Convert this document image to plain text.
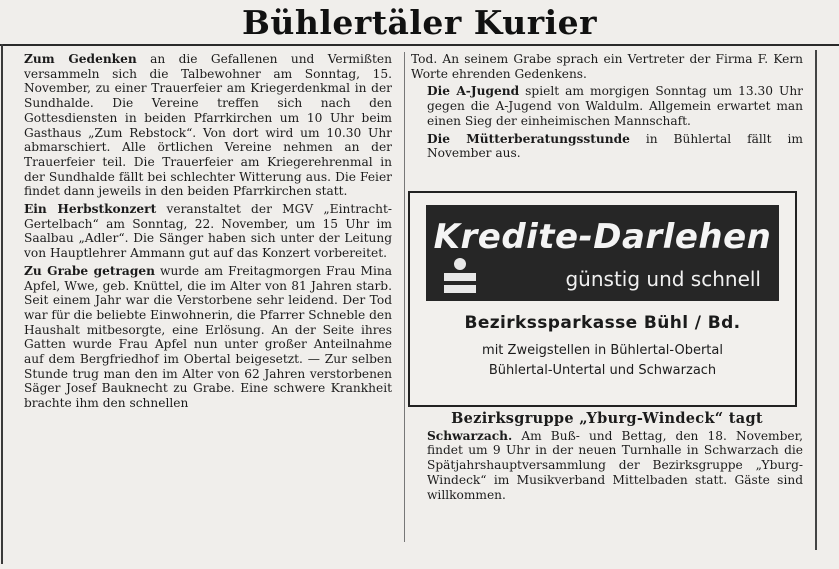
Bühlertäler Kurier

Zum Gedenken an die Gefallenen und Vermißten versammeln sich die Talbewohner am Sonntag, 15. November, zu einer Trauerfeier am Kriegerdenkmal in der Sundhalde. Die Vereine treffen sich nach den Gottesdiensten in beiden Pfarrkirchen um 10 Uhr beim Gasthaus „Zum Rebstock“. Von dort wird um 10.30 Uhr abmarschiert. Alle örtlichen Vereine nehmen an der Trauerfeier teil. Die Trauerfeier am Kriegerehrenmal in der Sundhalde fällt bei schlechter Witterung aus. Die Feier findet dann jeweils in den beiden Pfarrkirchen statt.

Ein Herbstkonzert veranstaltet der MGV „Eintracht-Gertelbach“ am Sonntag, 22. November, um 15 Uhr im Saalbau „Adler“. Die Sänger haben sich unter der Leitung von Hauptlehrer Ammann gut auf das Konzert vorbereitet.

Zu Grabe getragen wurde am Freitagmorgen Frau Mina Apfel, Wwe, geb. Knüttel, die im Alter von 81 Jahren starb. Seit einem Jahr war die Verstorbene sehr leidend. Der Tod war für die beliebte Einwohnerin, die Pfarrer Schneble den Haushalt mitbesorgte, eine Erlösung. An der Seite ihres Gatten wurde Frau Apfel nun unter großer Anteilnahme auf dem Bergfriedhof im Obertal beigesetzt. — Zur selben Stunde trug man den im Alter von 62 Jahren verstorbenen Säger Josef Bauknecht zu Grabe. Eine schwere Krankheit brachte ihm den schnellen

Tod. An seinem Grabe sprach ein Vertreter der Firma F. Kern Worte ehrenden Gedenkens.

Die A-Jugend spielt am morgigen Sonntag um 13.30 Uhr gegen die A-Jugend von Waldulm. Allgemein erwartet man einen Sieg der einheimischen Mannschaft.

Die Mütterberatungsstunde in Bühlertal fällt im November aus.

Kredite-Darlehen
günstig und schnell
Bezirkssparkasse Bühl / Bd.
mit Zweigstellen in Bühlertal-Obertal
Bühlertal-Untertal und Schwarzach
Bezirksgruppe „Yburg-Windeck“ tagt

Schwarzach. Am Buß- und Bettag, den 18. November, findet um 9 Uhr in der neuen Turnhalle in Schwarzach die Spätjahrshauptversammlung der Bezirksgruppe „Yburg-Windeck“ im Musikverband Mittelbaden statt. Gäste sind willkommen.
